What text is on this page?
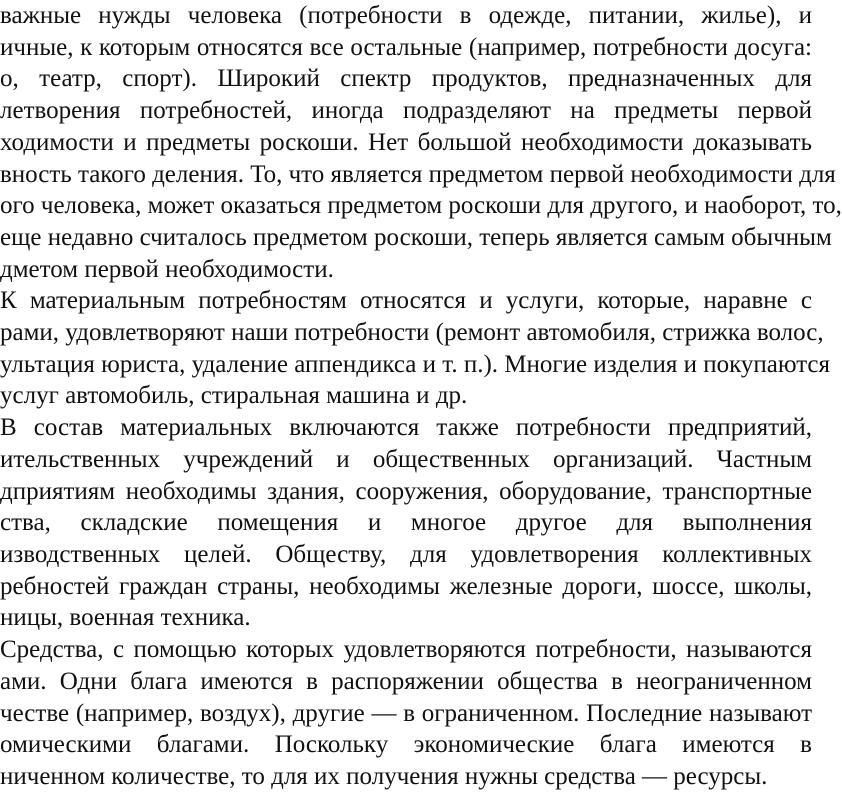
важные нужды человека (потребности в одежде, питании, жилье), и
ичные, к которым относятся все остальные (например, потребности досуга:
о, театр, спорт). Широкий спектр продуктов, предназначенных для
летворения потребностей, иногда подразделяют на предметы первой
ходимости и предметы роскоши. Нет большой необходимости доказывать
вность такого деления. То, что является предметом первой необходимости для
ого человека, может оказаться предметом роскоши для другого, и наоборот, то,
еще недавно считалось предметом роскоши, теперь является самым обычным
дметом первой необходимости.
К материальным потребностям относятся и услуги, которые, наравне с
рами, удовлетворяют наши потребности (ремонт автомобиля, стрижка волос,
ультация юриста, удаление аппендикса и т. п.). Многие изделия и покупаются
услуг автомобиль, стиральная машина и др.
В состав материальных включаются также потребности предприятий,
ительственных учреждений и общественных организаций. Частным
дприятиям необходимы здания, сооружения, оборудование, транспортные
ства, складские помещения и многое другое для выполнения
изводственных целей. Обществу, для удовлетворения коллективных
ребностей граждан страны, необходимы железные дороги, шоссе, школы,
ницы, военная техника.
Средства, с помощью которых удовлетворяются потребности, называются
ами. Одни блага имеются в распоряжении общества в неограниченном
честве (например, воздух), другие — в ограниченном. Последние называют
омическими благами. Поскольку экономические блага имеются в
ниченном количестве, то для их получения нужны средства — ресурсы.
